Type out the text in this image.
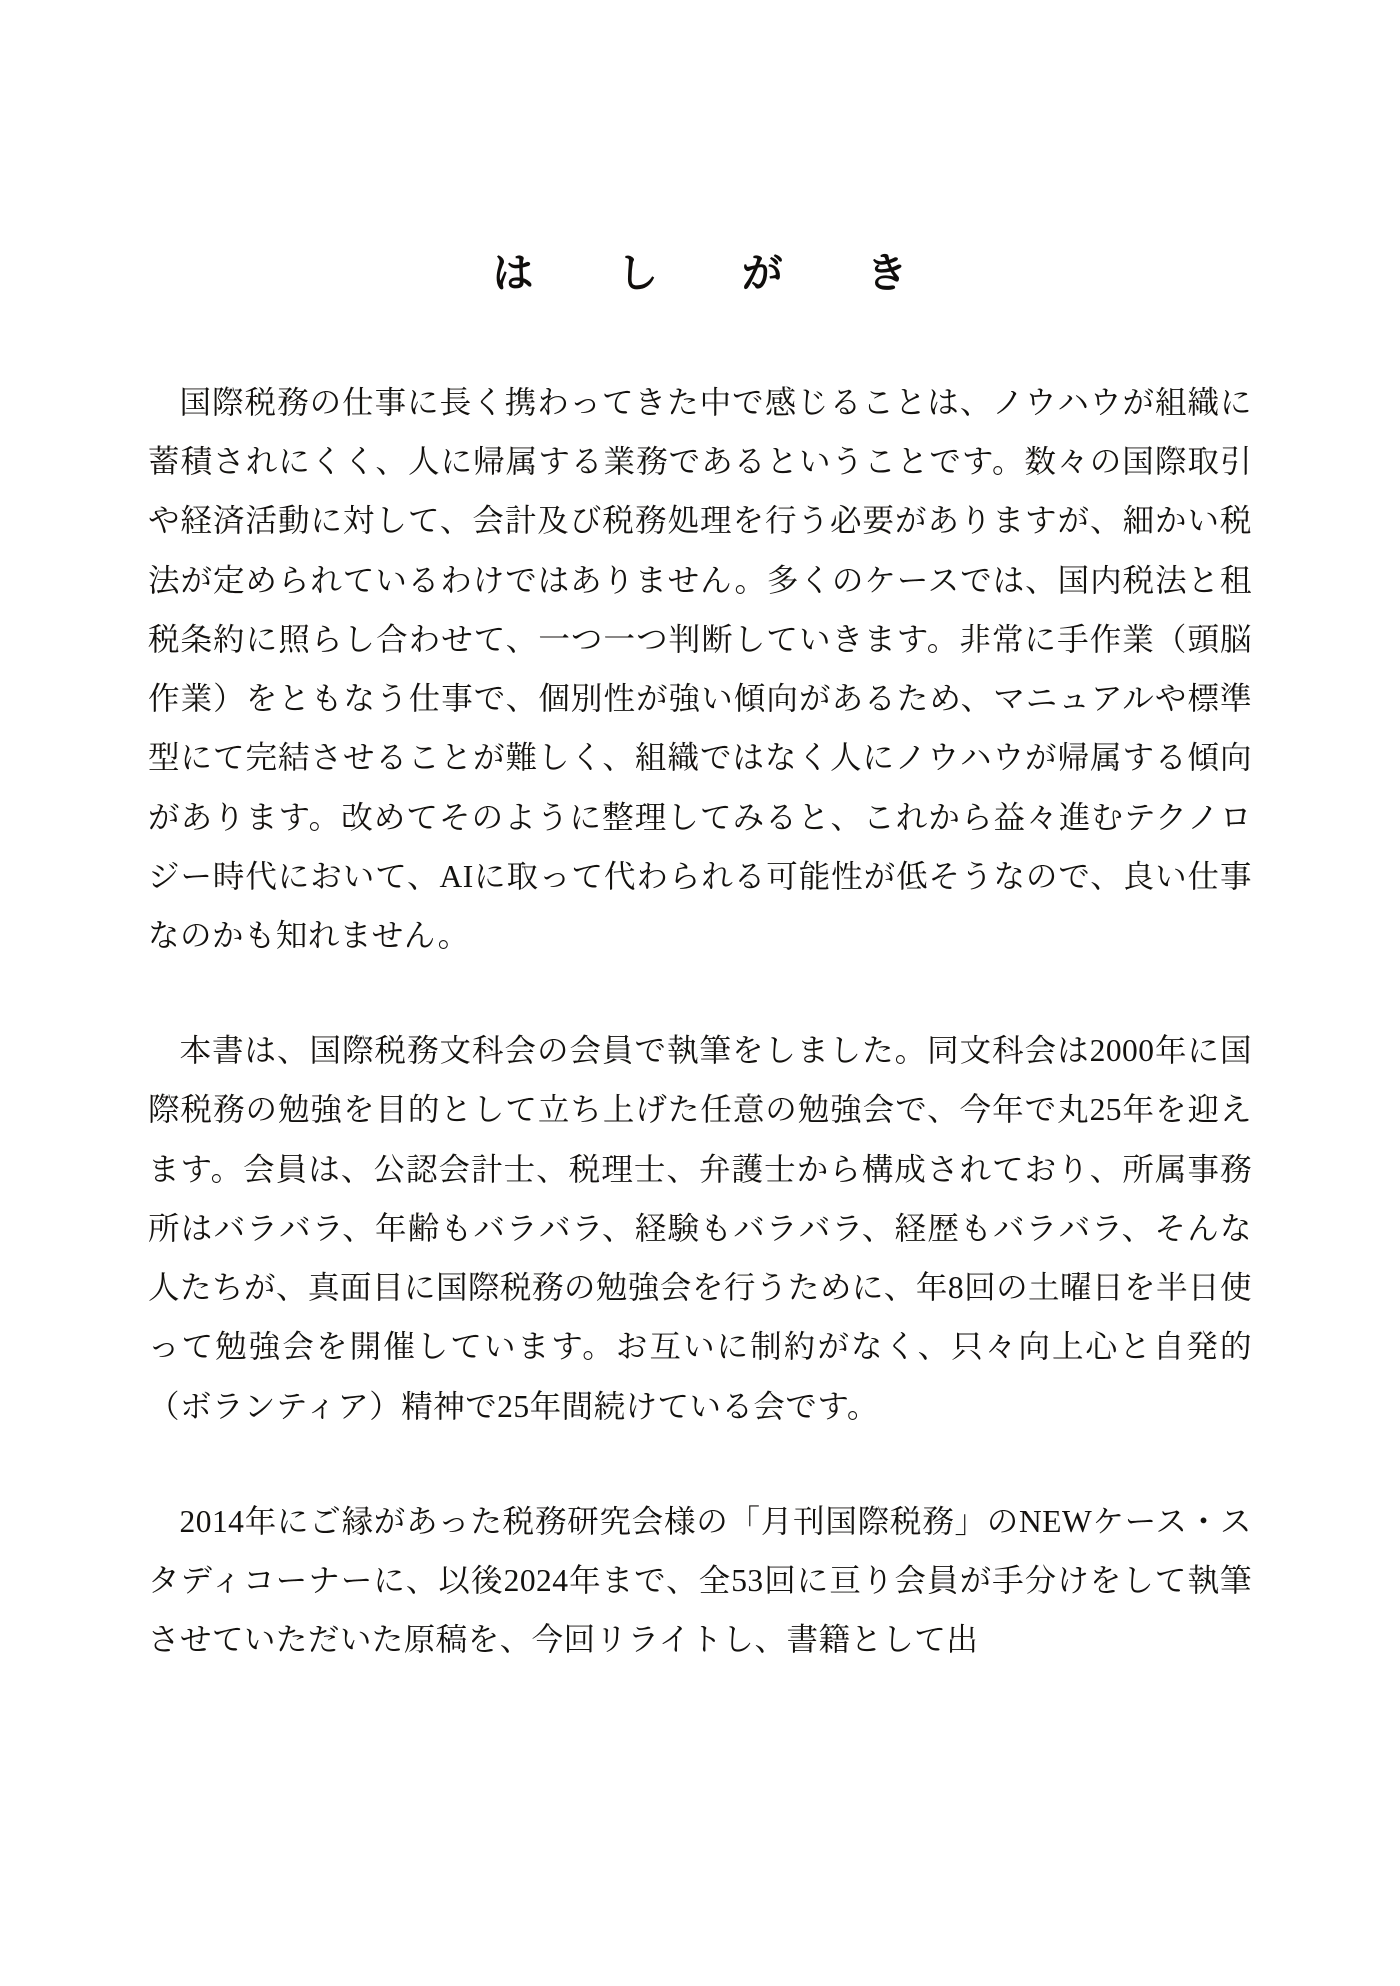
は　し　が　き

国際税務の仕事に長く携わってきた中で感じることは、ノウハウが組織に蓄積されにくく、人に帰属する業務であるということです。数々の国際取引や経済活動に対して、会計及び税務処理を行う必要がありますが、細かい税法が定められているわけではありません。多くのケースでは、国内税法と租税条約に照らし合わせて、一つ一つ判断していきます。非常に手作業（頭脳作業）をともなう仕事で、個別性が強い傾向があるため、マニュアルや標準型にて完結させることが難しく、組織ではなく人にノウハウが帰属する傾向があります。改めてそのように整理してみると、これから益々進むテクノロジー時代において、AIに取って代わられる可能性が低そうなので、良い仕事なのかも知れません。

本書は、国際税務文科会の会員で執筆をしました。同文科会は2000年に国際税務の勉強を目的として立ち上げた任意の勉強会で、今年で丸25年を迎えます。会員は、公認会計士、税理士、弁護士から構成されており、所属事務所はバラバラ、年齢もバラバラ、経験もバラバラ、経歴もバラバラ、そんな人たちが、真面目に国際税務の勉強会を行うために、年8回の土曜日を半日使って勉強会を開催しています。お互いに制約がなく、只々向上心と自発的（ボランティア）精神で25年間続けている会です。

2014年にご縁があった税務研究会様の「月刊国際税務」のNEWケース・スタディコーナーに、以後2024年まで、全53回に亘り会員が手分けをして執筆させていただいた原稿を、今回リライトし、書籍として出
